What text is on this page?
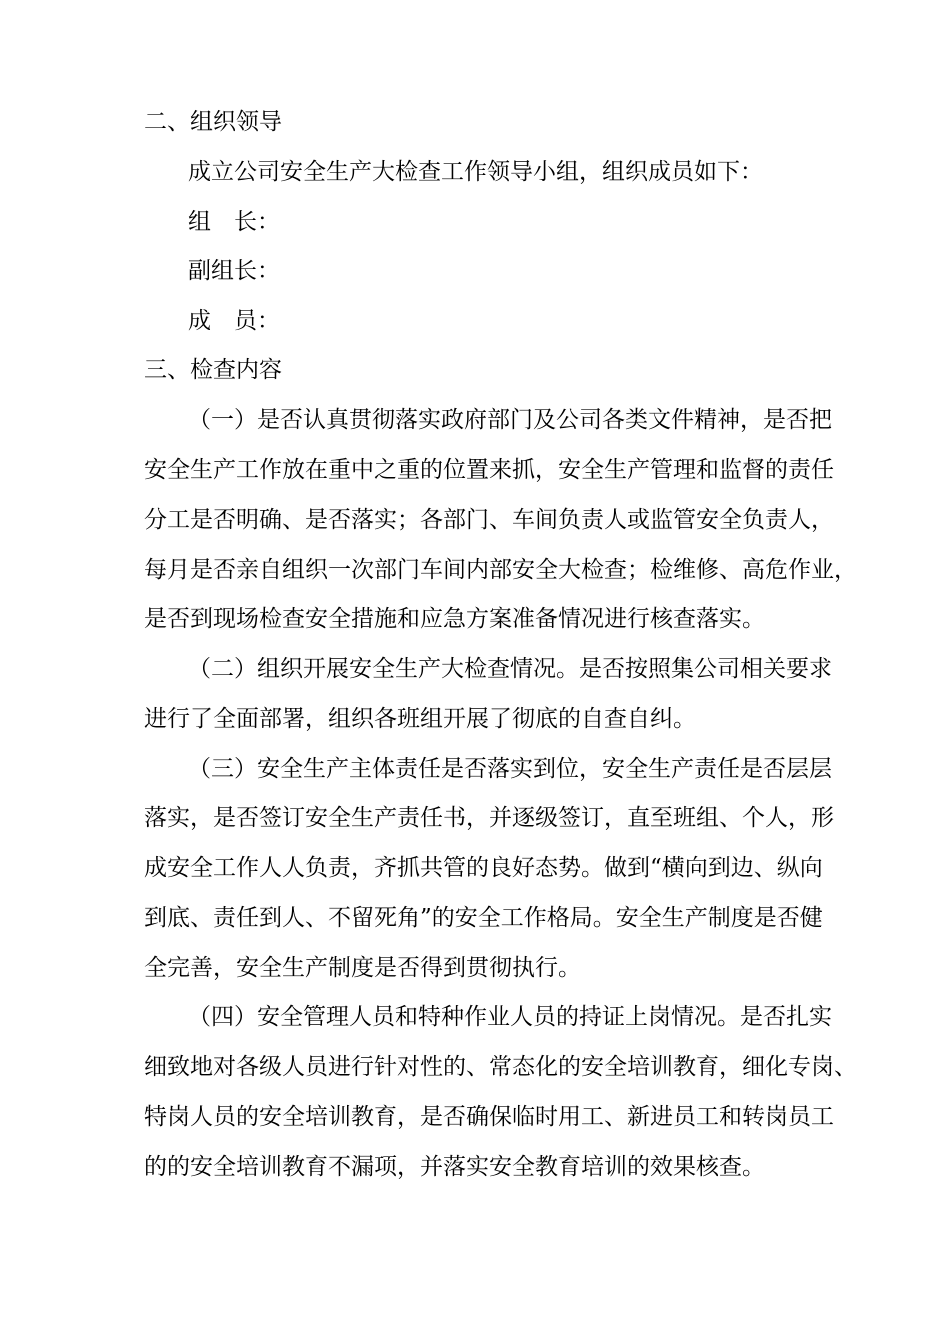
二、组织领导
成立公司安全生产大检查工作领导小组，组织成员如下：
组　长：
副组长：
成　员：
三、检查内容
（一）是否认真贯彻落实政府部门及公司各类文件精神，是否把
安全生产工作放在重中之重的位置来抓，安全生产管理和监督的责任
分工是否明确、是否落实；各部门、车间负责人或监管安全负责人，
每月是否亲自组织一次部门车间内部安全大检查；检维修、高危作业，
是否到现场检查安全措施和应急方案准备情况进行核查落实。
（二）组织开展安全生产大检查情况。是否按照集公司相关要求
进行了全面部署，组织各班组开展了彻底的自查自纠。
（三）安全生产主体责任是否落实到位，安全生产责任是否层层
落实，是否签订安全生产责任书，并逐级签订，直至班组、个人，形
成安全工作人人负责，齐抓共管的良好态势。做到“横向到边、纵向
到底、责任到人、不留死角”的安全工作格局。安全生产制度是否健
全完善，安全生产制度是否得到贯彻执行。
（四）安全管理人员和特种作业人员的持证上岗情况。是否扎实
细致地对各级人员进行针对性的、常态化的安全培训教育，细化专岗、
特岗人员的安全培训教育，是否确保临时用工、新进员工和转岗员工
的的安全培训教育不漏项，并落实安全教育培训的效果核查。
